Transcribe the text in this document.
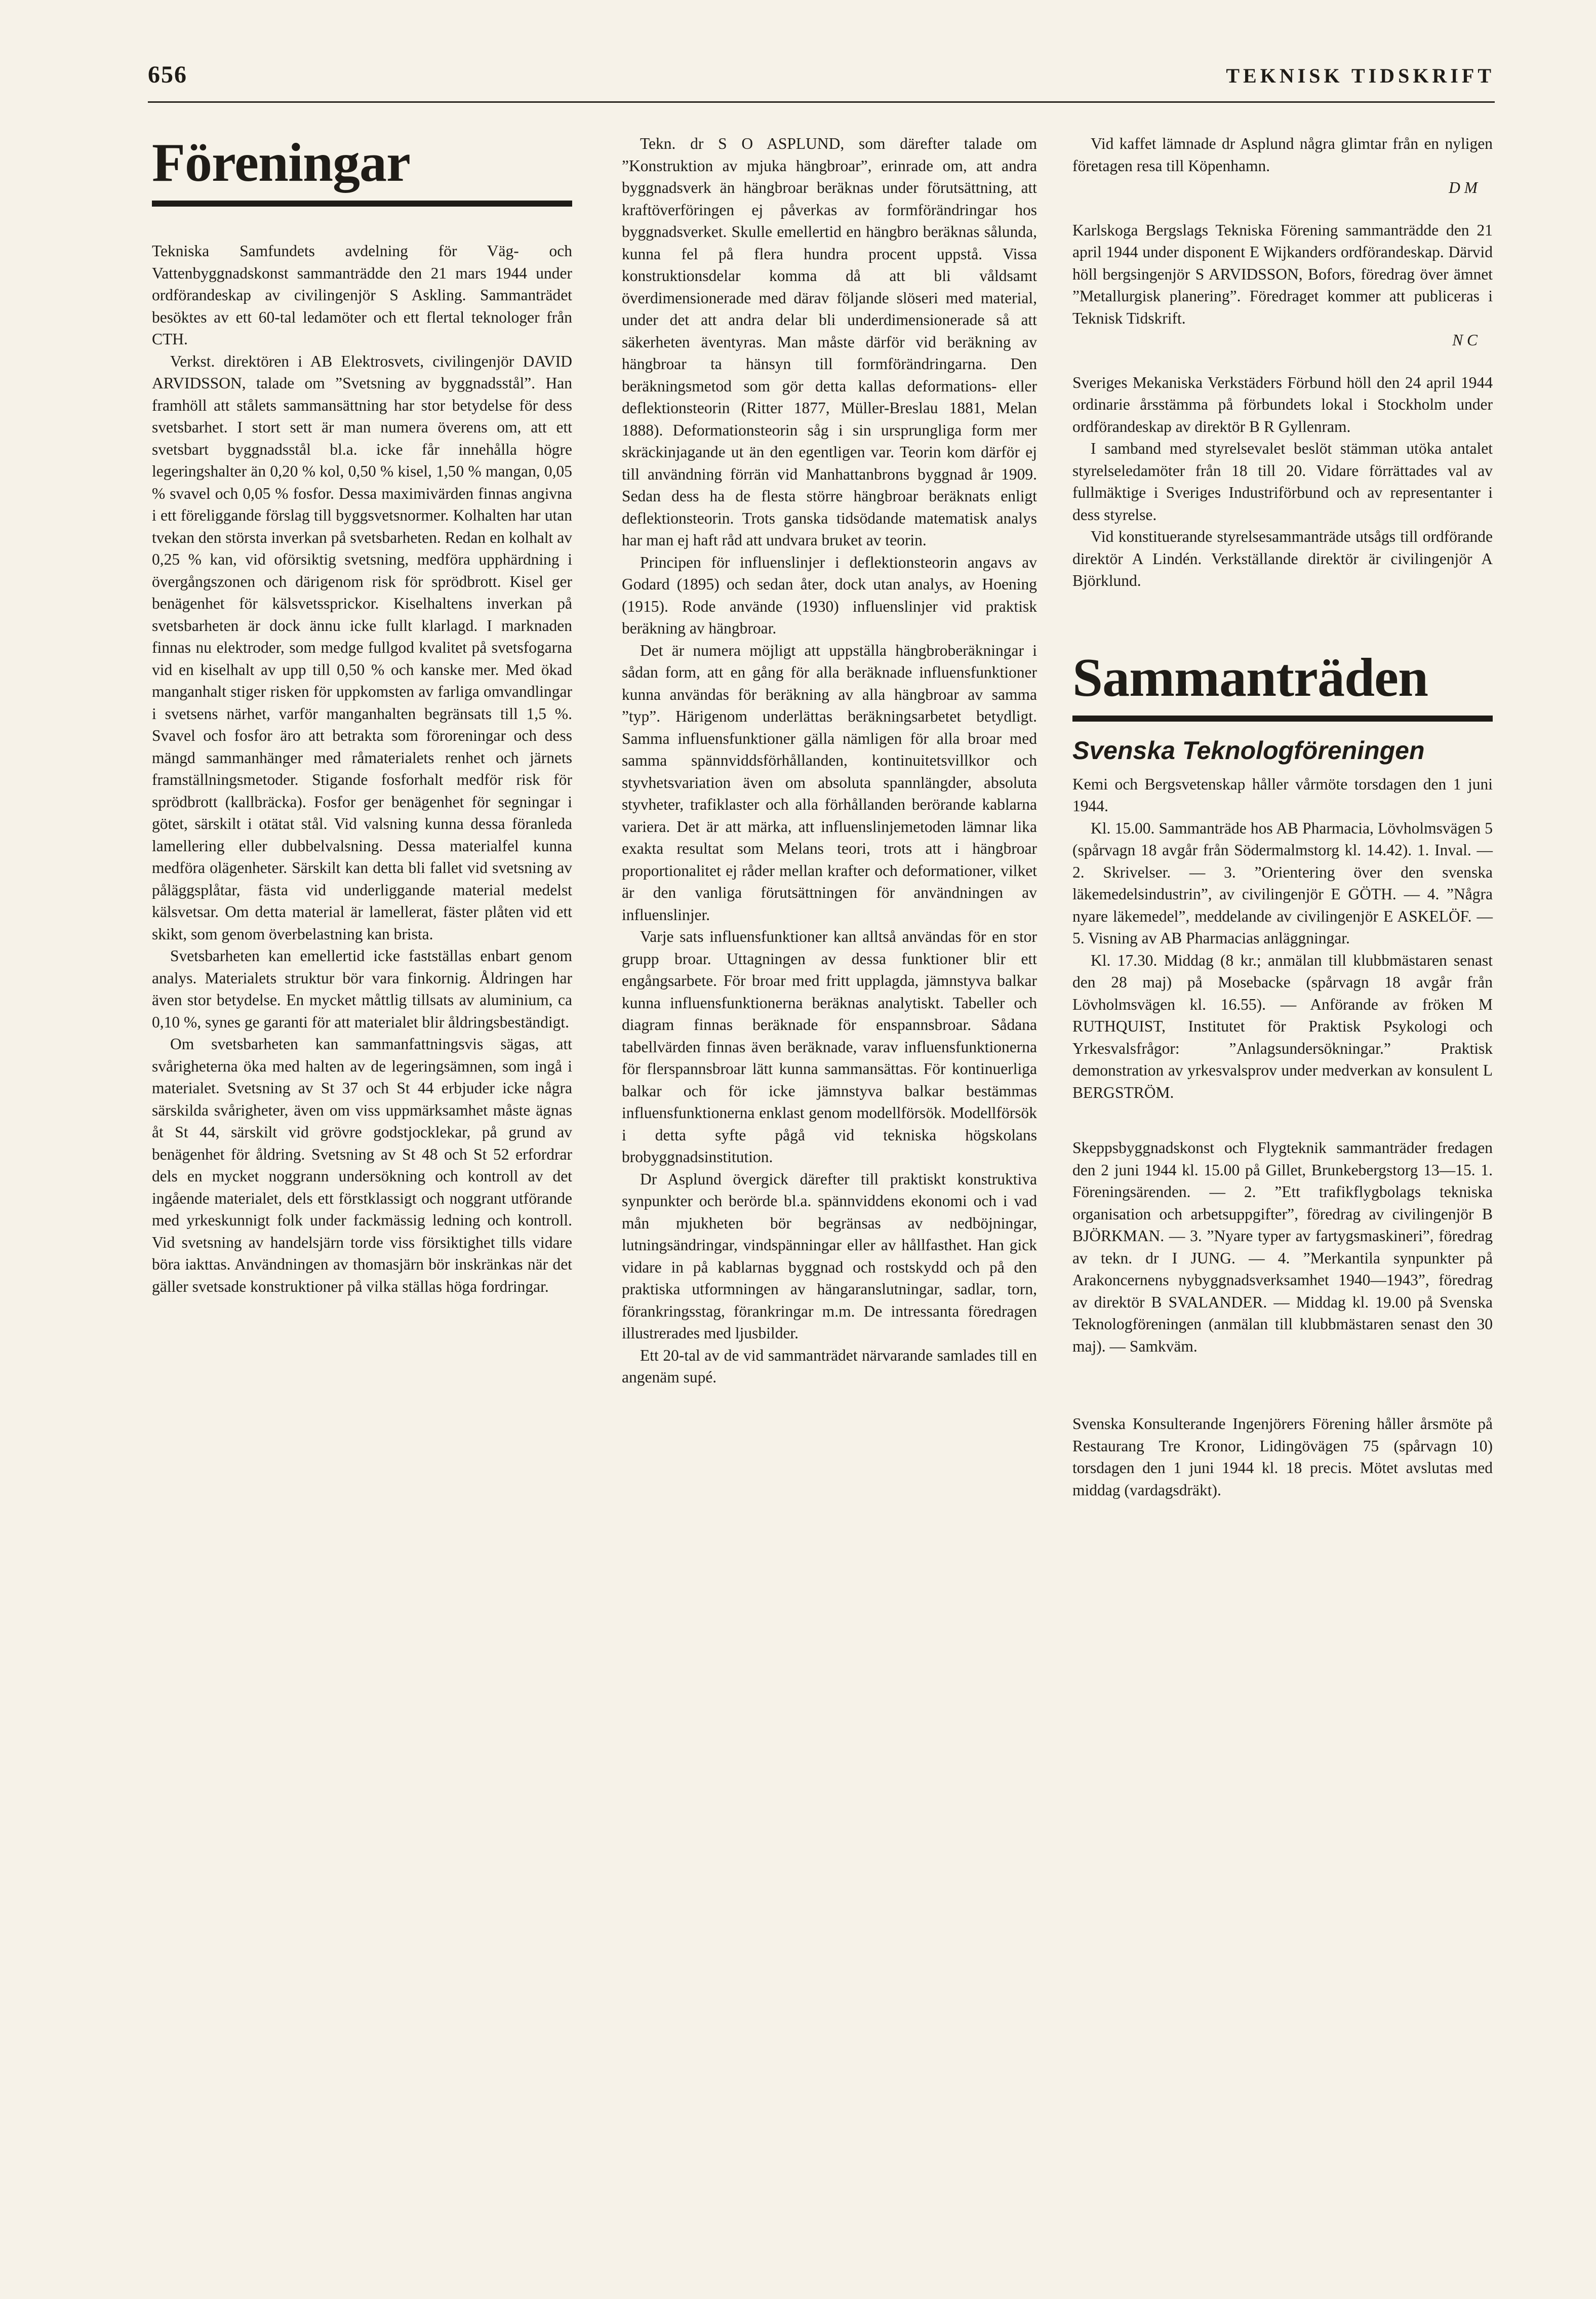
656	TEKNISK TIDSKRIFT
Föreningar

Tekniska Samfundets avdelning för Väg- och Vattenbyggnadskonst sammanträdde den 21 mars 1944 under ordförandeskap av civilingenjör S Askling. Sammanträdet besöktes av ett 60-tal ledamöter och ett flertal teknologer från CTH.

Verkst. direktören i AB Elektrosvets, civilingenjör DAVID ARVIDSSON, talade om ”Svetsning av byggnadsstål”. Han framhöll att stålets sammansättning har stor betydelse för dess svetsbarhet. I stort sett är man numera överens om, att ett svetsbart byggnadsstål bl.a. icke får innehålla högre legeringshalter än 0,20 % kol, 0,50 % kisel, 1,50 % mangan, 0,05 % svavel och 0,05 % fosfor. Dessa maximivärden finnas angivna i ett föreliggande förslag till byggsvetsnormer. Kolhalten har utan tvekan den största inverkan på svetsbarheten. Redan en kolhalt av 0,25 % kan, vid oförsiktig svetsning, medföra upphärdning i övergångszonen och därigenom risk för sprödbrott. Kisel ger benägenhet för kälsvetssprickor. Kiselhaltens inverkan på svetsbarheten är dock ännu icke fullt klarlagd. I marknaden finnas nu elektroder, som medge fullgod kvalitet på svetsfogarna vid en kiselhalt av upp till 0,50 % och kanske mer. Med ökad manganhalt stiger risken för uppkomsten av farliga omvandlingar i svetsens närhet, varför manganhalten begränsats till 1,5 %. Svavel och fosfor äro att betrakta som föroreningar och dess mängd sammanhänger med råmaterialets renhet och järnets framställningsmetoder. Stigande fosforhalt medför risk för sprödbrott (kallbräcka). Fosfor ger benägenhet för segningar i götet, särskilt i otätat stål. Vid valsning kunna dessa föranleda lamellering eller dubbelvalsning. Dessa materialfel kunna medföra olägenheter. Särskilt kan detta bli fallet vid svetsning av påläggsplåtar, fästa vid underliggande material medelst kälsvetsar. Om detta material är lamellerat, fäster plåten vid ett skikt, som genom överbelastning kan brista.

Svetsbarheten kan emellertid icke fastställas enbart genom analys. Materialets struktur bör vara finkornig. Åldringen har även stor betydelse. En mycket måttlig tillsats av aluminium, ca 0,10 %, synes ge garanti för att materialet blir åldringsbeständigt.

Om svetsbarheten kan sammanfattningsvis sägas, att svårigheterna öka med halten av de legeringsämnen, som ingå i materialet. Svetsning av St 37 och St 44 erbjuder icke några särskilda svårigheter, även om viss uppmärksamhet måste ägnas åt St 44, särskilt vid grövre godstjocklekar, på grund av benägenhet för åldring. Svetsning av St 48 och St 52 erfordrar dels en mycket noggrann undersökning och kontroll av det ingående materialet, dels ett förstklassigt och noggrant utförande med yrkeskunnigt folk under fackmässig ledning och kontroll. Vid svetsning av handelsjärn torde viss försiktighet tills vidare böra iakttas. Användningen av thomasjärn bör inskränkas när det gäller svetsade konstruktioner på vilka ställas höga fordringar.

Tekn. dr S O ASPLUND, som därefter talade om ”Konstruktion av mjuka hängbroar”, erinrade om, att andra byggnadsverk än hängbroar beräknas under förutsättning, att kraftöverföringen ej påverkas av formförändringar hos byggnadsverket. Skulle emellertid en hängbro beräknas sålunda, kunna fel på flera hundra procent uppstå. Vissa konstruktionsdelar komma då att bli våldsamt överdimensionerade med därav följande slöseri med material, under det att andra delar bli underdimensionerade så att säkerheten äventyras. Man måste därför vid beräkning av hängbroar ta hänsyn till formförändringarna. Den beräkningsmetod som gör detta kallas deformations- eller deflektionsteorin (Ritter 1877, Müller-Breslau 1881, Melan 1888). Deformationsteorin såg i sin ursprungliga form mer skräckinjagande ut än den egentligen var. Teorin kom därför ej till användning förrän vid Manhattanbrons byggnad år 1909. Sedan dess ha de flesta större hängbroar beräknats enligt deflektionsteorin. Trots ganska tidsödande matematisk analys har man ej haft råd att undvara bruket av teorin.

Principen för influenslinjer i deflektionsteorin angavs av Godard (1895) och sedan åter, dock utan analys, av Hoening (1915). Rode använde (1930) influenslinjer vid praktisk beräkning av hängbroar.

Det är numera möjligt att uppställa hängbroberäkningar i sådan form, att en gång för alla beräknade influensfunktioner kunna användas för beräkning av alla hängbroar av samma ”typ”. Härigenom underlättas beräkningsarbetet betydligt. Samma influensfunktioner gälla nämligen för alla broar med samma spännviddsförhållanden, kontinuitetsvillkor och styvhetsvariation även om absoluta spannlängder, absoluta styvheter, trafiklaster och alla förhållanden berörande kablarna variera. Det är att märka, att influenslinjemetoden lämnar lika exakta resultat som Melans teori, trots att i hängbroar proportionalitet ej råder mellan krafter och deformationer, vilket är den vanliga förutsättningen för användningen av influenslinjer.

Varje sats influensfunktioner kan alltså användas för en stor grupp broar. Uttagningen av dessa funktioner blir ett engångsarbete. För broar med fritt upplagda, jämnstyva balkar kunna influensfunktionerna beräknas analytiskt. Tabeller och diagram finnas beräknade för enspannsbroar. Sådana tabellvärden finnas även beräknade, varav influensfunktionerna för flerspannsbroar lätt kunna sammansättas. För kontinuerliga balkar och för icke jämnstyva balkar bestämmas influensfunktionerna enklast genom modellförsök. Modellförsök i detta syfte pågå vid tekniska högskolans brobyggnadsinstitution.

Dr Asplund övergick därefter till praktiskt konstruktiva synpunkter och berörde bl.a. spännviddens ekonomi och i vad mån mjukheten bör begränsas av nedböjningar, lutningsändringar, vindspänningar eller av hållfasthet. Han gick vidare in på kablarnas byggnad och rostskydd och på den praktiska utformningen av hängaranslutningar, sadlar, torn, förankringsstag, förankringar m.m. De intressanta föredragen illustrerades med ljusbilder.

Ett 20-tal av de vid sammanträdet närvarande samlades till en angenäm supé.

Vid kaffet lämnade dr Asplund några glimtar från en nyligen företagen resa till Köpenhamn.

D M

Karlskoga Bergslags Tekniska Förening sammanträdde den 21 april 1944 under disponent E Wijkanders ordförandeskap. Därvid höll bergsingenjör S ARVIDSSON, Bofors, föredrag över ämnet ”Metallurgisk planering”. Föredraget kommer att publiceras i Teknisk Tidskrift.

N C

Sveriges Mekaniska Verkstäders Förbund höll den 24 april 1944 ordinarie årsstämma på förbundets lokal i Stockholm under ordförandeskap av direktör B R Gyllenram.

I samband med styrelsevalet beslöt stämman utöka antalet styrelseledamöter från 18 till 20. Vidare förrättades val av fullmäktige i Sveriges Industriförbund och av representanter i dess styrelse.

Vid konstituerande styrelsesammanträde utsågs till ordförande direktör A Lindén. Verkställande direktör är civilingenjör A Björklund.

Sammanträden
Svenska Teknologföreningen

Kemi och Bergsvetenskap håller vårmöte torsdagen den 1 juni 1944.

Kl. 15.00. Sammanträde hos AB Pharmacia, Lövholmsvägen 5 (spårvagn 18 avgår från Södermalmstorg kl. 14.42). 1. Inval. — 2. Skrivelser. — 3. ”Orientering över den svenska läkemedelsindustrin”, av civilingenjör E GÖTH. — 4. ”Några nyare läkemedel”, meddelande av civilingenjör E ASKELÖF. — 5. Visning av AB Pharmacias anläggningar.

Kl. 17.30. Middag (8 kr.; anmälan till klubbmästaren senast den 28 maj) på Mosebacke (spårvagn 18 avgår från Lövholmsvägen kl. 16.55). — Anförande av fröken M RUTHQUIST, Institutet för Praktisk Psykologi och Yrkesvalsfrågor: ”Anlagsundersökningar.” Praktisk demonstration av yrkesvalsprov under medverkan av konsulent L BERGSTRÖM.

Skeppsbyggnadskonst och Flygteknik sammanträder fredagen den 2 juni 1944 kl. 15.00 på Gillet, Brunkebergstorg 13—15. 1. Föreningsärenden. — 2. ”Ett trafikflygbolags tekniska organisation och arbetsuppgifter”, föredrag av civilingenjör B BJÖRKMAN. — 3. ”Nyare typer av fartygsmaskineri”, föredrag av tekn. dr I JUNG. — 4. ”Merkantila synpunkter på Arakoncernens nybyggnadsverksamhet 1940—1943”, föredrag av direktör B SVALANDER. — Middag kl. 19.00 på Svenska Teknologföreningen (anmälan till klubbmästaren senast den 30 maj). — Samkväm.

Svenska Konsulterande Ingenjörers Förening håller årsmöte på Restaurang Tre Kronor, Lidingövägen 75 (spårvagn 10) torsdagen den 1 juni 1944 kl. 18 precis. Mötet avslutas med middag (vardagsdräkt).
